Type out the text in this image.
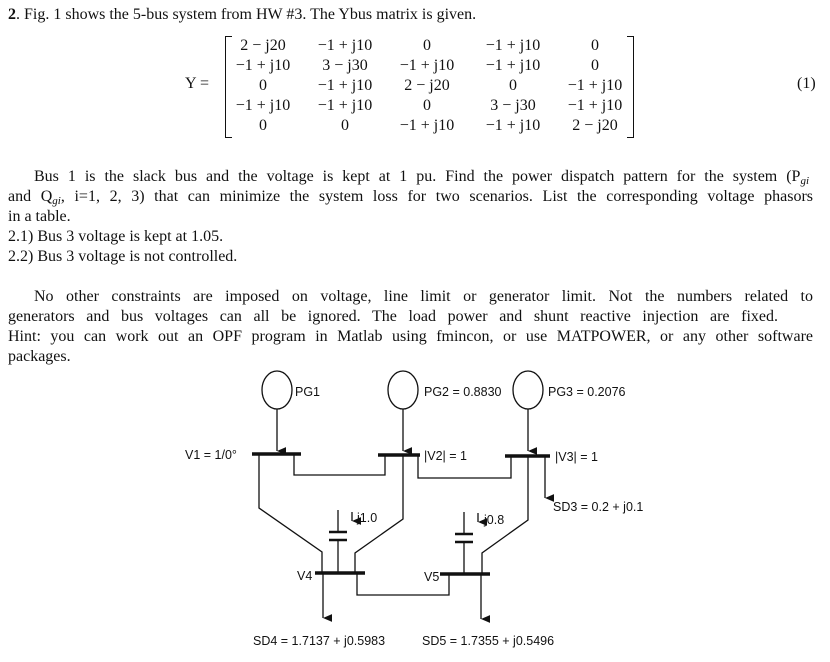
2. Fig. 1 shows the 5-bus system from HW #3. The Ybus matrix is given.
Y =
2 − j20	−1 + j10	0	−1 + j10	0
−1 + j10	3 − j30	−1 + j10	−1 + j10	0
0	−1 + j10	2 − j20	0	−1 + j10
−1 + j10	−1 + j10	0	3 − j30	−1 + j10
0	0	−1 + j10	−1 + j10	2 − j20
(1)
Bus 1 is the slack bus and the voltage is kept at 1 pu. Find the power dispatch pattern for the system (Pgi
and Qgi, i=1, 2, 3) that can minimize the system loss for two scenarios. List the corresponding voltage phasors
in a table.
2.1) Bus 3 voltage is kept at 1.05.
2.2) Bus 3 voltage is not controlled.
No other constraints are imposed on voltage, line limit or generator limit. Not the numbers related to
generators and bus voltages can all be ignored. The load power and shunt reactive injection are fixed.
Hint: you can work out an OPF program in Matlab using fmincon, or use MATPOWER, or any other software
packages.
PG1	PG2 = 0.8830	PG3 = 0.2076
V1 = 1/0°	|V2| = 1	|V3| = 1
V4	V5
SD3 = 0.2 + j0.1
SD4 = 1.7137 + j0.5983	SD5 = 1.7355 + j0.5496
j1.0	j0.8
